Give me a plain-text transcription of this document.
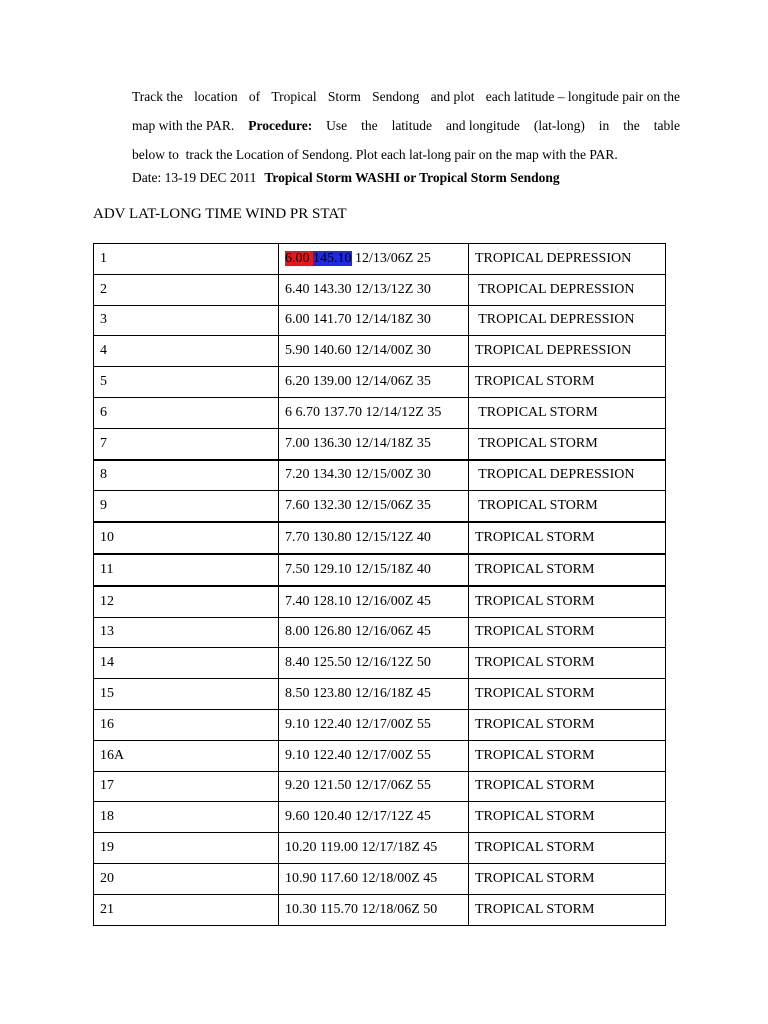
Track the location of Tropical Storm Sendong and plot each latitude – longitude pair on the
map with the PAR. Procedure: Use the latitude and longitude (lat-long) in the table
below to  track the Location of Sendong. Plot each lat-long pair on the map with the PAR.
Date: 13-19 DEC 2011 Tropical Storm WASHI or Tropical Storm Sendong
ADV LAT-LONG TIME WIND PR STAT
1	6.00 145.10 12/13/06Z 25	TROPICAL DEPRESSION
2	6.40 143.30 12/13/12Z 30	TROPICAL DEPRESSION
3	6.00 141.70 12/14/18Z 30	TROPICAL DEPRESSION
4	5.90 140.60 12/14/00Z 30	TROPICAL DEPRESSION
5	6.20 139.00 12/14/06Z 35	TROPICAL STORM
6	6 6.70 137.70 12/14/12Z 35	TROPICAL STORM
7	7.00 136.30 12/14/18Z 35	TROPICAL STORM
8	7.20 134.30 12/15/00Z 30	TROPICAL DEPRESSION
9	7.60 132.30 12/15/06Z 35	TROPICAL STORM
10	7.70 130.80 12/15/12Z 40	TROPICAL STORM
11	7.50 129.10 12/15/18Z 40	TROPICAL STORM
12	7.40 128.10 12/16/00Z 45	TROPICAL STORM
13	8.00 126.80 12/16/06Z 45	TROPICAL STORM
14	8.40 125.50 12/16/12Z 50	TROPICAL STORM
15	8.50 123.80 12/16/18Z 45	TROPICAL STORM
16	9.10 122.40 12/17/00Z 55	TROPICAL STORM
16A	9.10 122.40 12/17/00Z 55	TROPICAL STORM
17	9.20 121.50 12/17/06Z 55	TROPICAL STORM
18	9.60 120.40 12/17/12Z 45	TROPICAL STORM
19	10.20 119.00 12/17/18Z 45	TROPICAL STORM
20	10.90 117.60 12/18/00Z 45	TROPICAL STORM
21	10.30 115.70 12/18/06Z 50	TROPICAL STORM
